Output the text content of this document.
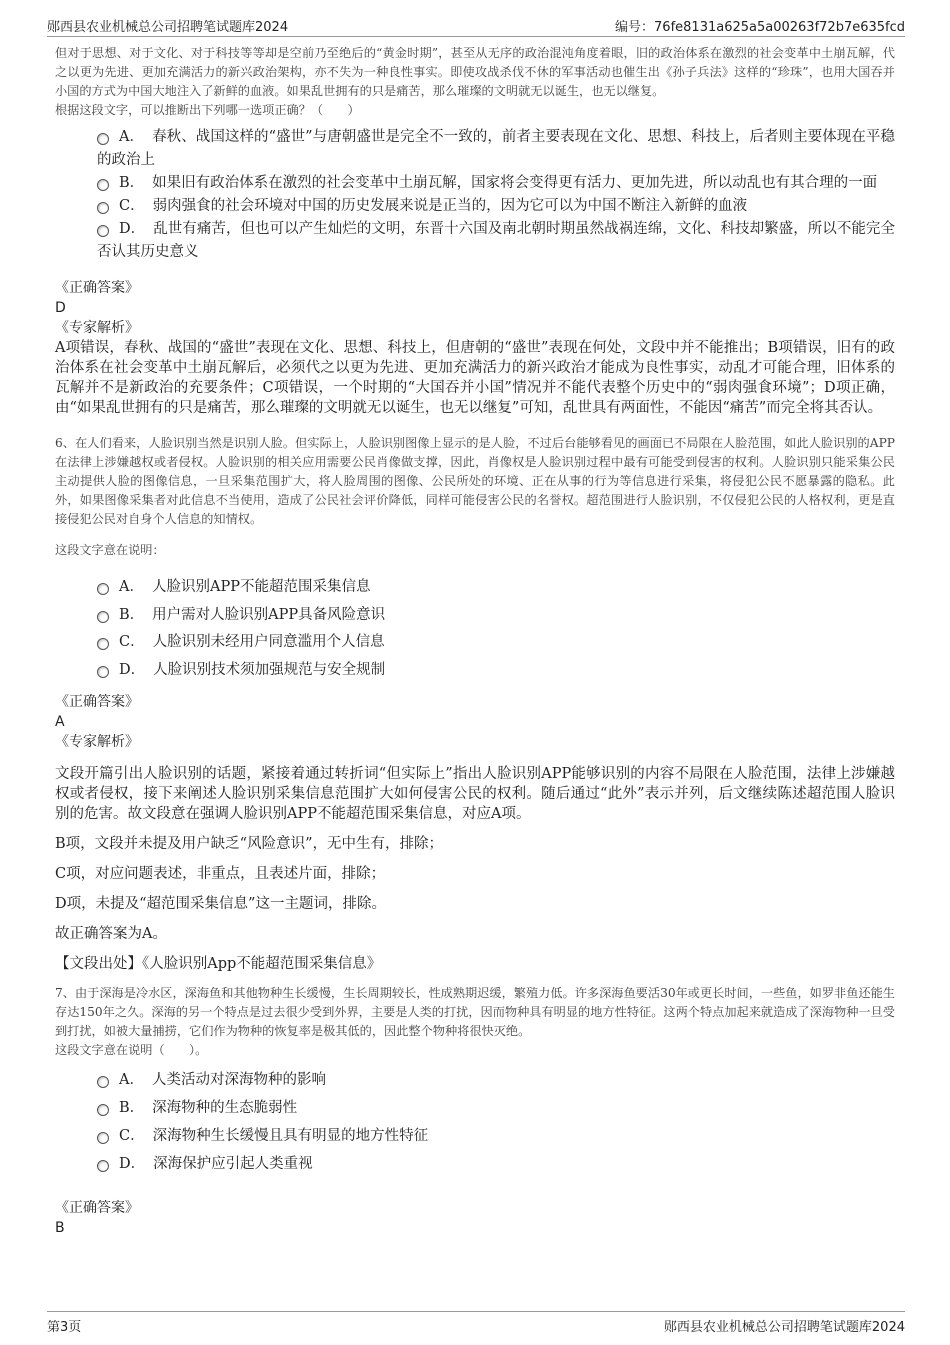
郧西县农业机械总公司招聘笔试题库2024	编号：76fe8131a625a5a00263f72b7e635fcd

但对于思想、对于文化、对于科技等等却是空前乃至绝后的“黄金时期”，甚至从无序的政治混沌角度着眼，旧的政治体系在激烈的社会变革中土崩瓦解，代之以更为先进、更加充满活力的新兴政治架构，亦不失为一种良性事实。即使攻战杀伐不休的军事活动也催生出《孙子兵法》这样的“珍珠”，也用大国吞并小国的方式为中国大地注入了新鲜的血液。如果乱世拥有的只是痛苦，那么璀璨的文明就无以诞生，也无以继复。

根据这段文字，可以推断出下列哪一选项正确？（　　）

A． 春秋、战国这样的“盛世”与唐朝盛世是完全不一致的，前者主要表现在文化、思想、科技上，后者则主要体现在平稳的政治上

B． 如果旧有政治体系在激烈的社会变革中土崩瓦解，国家将会变得更有活力、更加先进，所以动乱也有其合理的一面

C． 弱肉强食的社会环境对中国的历史发展来说是正当的，因为它可以为中国不断注入新鲜的血液

D． 乱世有痛苦，但也可以产生灿烂的文明，东晋十六国及南北朝时期虽然战祸连绵，文化、科技却繁盛，所以不能完全否认其历史意义

《正确答案》

D

《专家解析》

A项错误，春秋、战国的“盛世”表现在文化、思想、科技上，但唐朝的“盛世”表现在何处，文段中并不能推出；B项错误，旧有的政治体系在社会变革中土崩瓦解后，必须代之以更为先进、更加充满活力的新兴政治才能成为良性事实，动乱才可能合理，旧体系的瓦解并不是新政治的充要条件；C项错误，一个时期的“大国吞并小国”情况并不能代表整个历史中的“弱肉强食环境”；D项正确，由“如果乱世拥有的只是痛苦，那么璀璨的文明就无以诞生，也无以继复”可知，乱世具有两面性，不能因“痛苦”而完全将其否认。

6、在人们看来，人脸识别当然是识别人脸。但实际上，人脸识别图像上显示的是人脸，不过后台能够看见的画面已不局限在人脸范围，如此人脸识别的APP在法律上涉嫌越权或者侵权。人脸识别的相关应用需要公民肖像做支撑，因此，肖像权是人脸识别过程中最有可能受到侵害的权利。人脸识别只能采集公民主动提供人脸的图像信息，一旦采集范围扩大，将人脸周围的图像、公民所处的环境、正在从事的行为等信息进行采集，将侵犯公民不愿暴露的隐私。此外，如果图像采集者对此信息不当使用，造成了公民社会评价降低，同样可能侵害公民的名誉权。超范围进行人脸识别，不仅侵犯公民的人格权利，更是直接侵犯公民对自身个人信息的知情权。

这段文字意在说明：

A． 人脸识别APP不能超范围采集信息

B． 用户需对人脸识别APP具备风险意识

C． 人脸识别未经用户同意滥用个人信息

D． 人脸识别技术须加强规范与安全规制

《正确答案》

A

《专家解析》

文段开篇引出人脸识别的话题，紧接着通过转折词“但实际上”指出人脸识别APP能够识别的内容不局限在人脸范围，法律上涉嫌越权或者侵权，接下来阐述人脸识别采集信息范围扩大如何侵害公民的权利。随后通过“此外”表示并列，后文继续陈述超范围人脸识别的危害。故文段意在强调人脸识别APP不能超范围采集信息，对应A项。

B项，文段并未提及用户缺乏“风险意识”，无中生有，排除；

C项，对应问题表述，非重点，且表述片面，排除；

D项，未提及“超范围采集信息”这一主题词，排除。

故正确答案为A。

【文段出处】《人脸识别App不能超范围采集信息》

7、由于深海是冷水区，深海鱼和其他物种生长缓慢，生长周期较长，性成熟期迟缓，繁殖力低。许多深海鱼要活30年或更长时间，一些鱼，如罗非鱼还能生存达150年之久。深海的另一个特点是过去很少受到外界，主要是人类的打扰，因而物种具有明显的地方性特征。这两个特点加起来就造成了深海物种一旦受到打扰，如被大量捕捞，它们作为物种的恢复率是极其低的，因此整个物种将很快灭绝。

这段文字意在说明（　　）。

A． 人类活动对深海物种的影响

B． 深海物种的生态脆弱性

C． 深海物种生长缓慢且具有明显的地方性特征

D． 深海保护应引起人类重视

《正确答案》

B

第3页	郧西县农业机械总公司招聘笔试题库2024
